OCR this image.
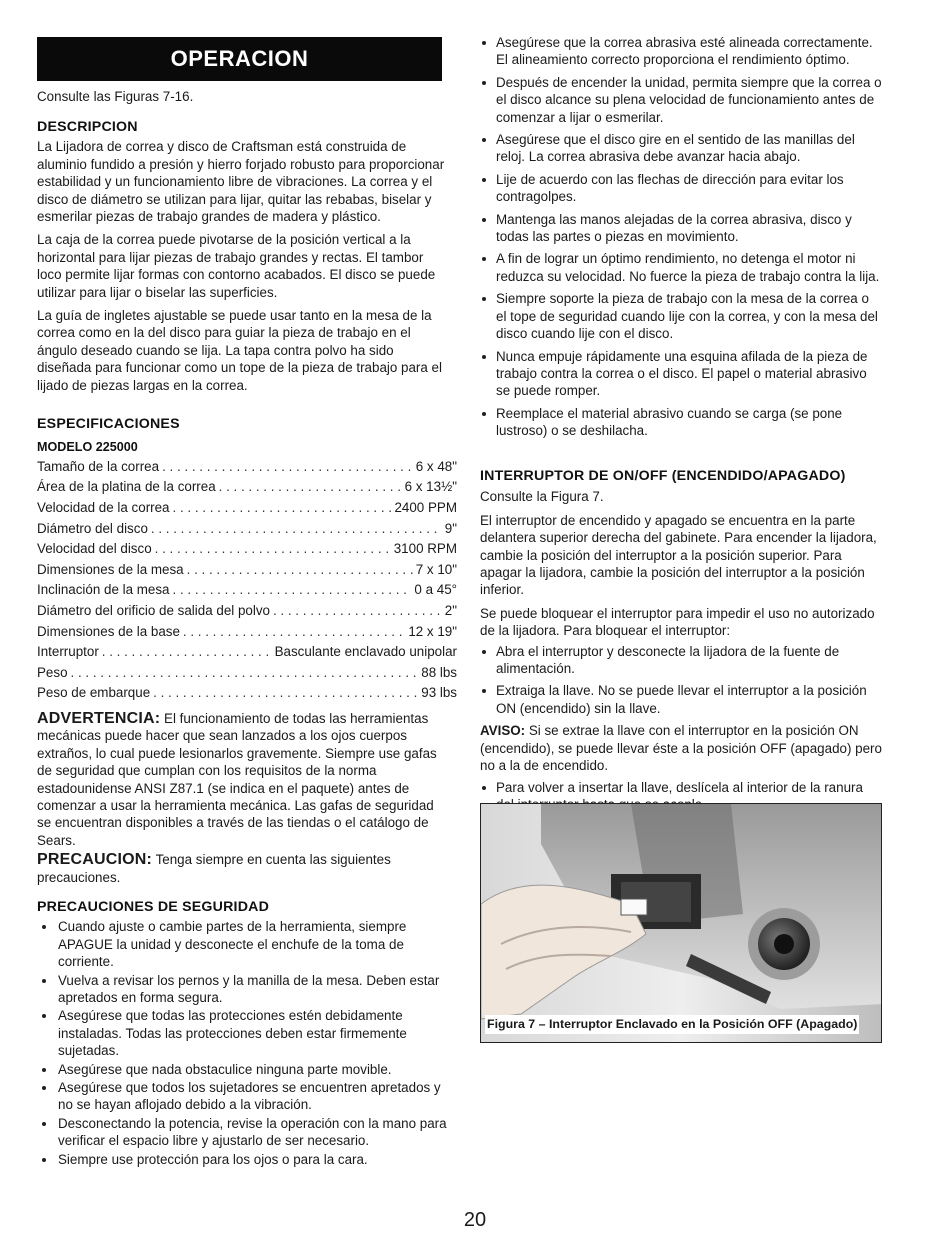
OPERACION

Consulte las Figuras 7-16.

DESCRIPCION

La Lijadora de correa y disco de Craftsman está construida de aluminio fundido a presión y hierro forjado robusto para proporcionar estabilidad y un funcionamiento libre de vibraciones. La correa y el disco de diámetro se utilizan para lijar, quitar las rebabas, biselar y esmerilar piezas de trabajo grandes de madera y plástico.

La caja de la correa puede pivotarse de la posición vertical a la horizontal para lijar piezas de trabajo grandes y rectas. El tambor loco permite lijar formas con contorno acabados. El disco se puede utilizar para lijar o biselar las superficies.

La guía de ingletes ajustable se puede usar tanto en la mesa de la correa como en la del disco para guiar la pieza de trabajo en el ángulo deseado cuando se lija. La tapa contra polvo ha sido diseñada para funcionar como un tope de la pieza de trabajo para el lijado de piezas largas en la correa.

ESPECIFICACIONES
MODELO 225000
Tamaño de la correa . . .	6 x 48"
Área de la platina de la correa . . .	6 x 13½"
Velocidad de la correa . . .	2400 PPM
Diámetro del disco . . .	9"
Velocidad del disco . . .	3100 RPM
Dimensiones de la mesa . . .	7 x 10"
Inclinación de la mesa . . .	0 a 45°
Diámetro del orificio de salida del polvo . . .	2"
Dimensiones de la base . . .	12 x 19"
Interruptor . . .	Basculante enclavado unipolar
Peso . . .	88 lbs
Peso de embarque . . .	93 lbs

ADVERTENCIA: El funcionamiento de todas las herramientas mecánicas puede hacer que sean lanzados a los ojos cuerpos extraños, lo cual puede lesionarlos gravemente. Siempre use gafas de seguridad que cumplan con los requisitos de la norma estadounidense ANSI Z87.1 (se indica en el paquete) antes de comenzar a usar la herramienta mecánica. Las gafas de seguridad se encuentran disponibles a través de las tiendas o el catálogo de Sears.

PRECAUCION: Tenga siempre en cuenta las siguientes precauciones.

PRECAUCIONES DE SEGURIDAD
Cuando ajuste o cambie partes de la herramienta, siempre APAGUE la unidad y desconecte el enchufe de la toma de corriente.
Vuelva a revisar los pernos y la manilla de la mesa. Deben estar apretados en forma segura.
Asegúrese que todas las protecciones estén debidamente instaladas. Todas las protecciones deben estar firmemente sujetadas.
Asegúrese que nada obstaculice ninguna parte movible.
Asegúrese que todos los sujetadores se encuentren apretados y no se hayan aflojado debido a la vibración.
Desconectando la potencia, revise la operación con la mano para verificar el espacio libre y ajustarlo de ser necesario.
Siempre use protección para los ojos o para la cara.
Asegúrese que la correa abrasiva esté alineada correctamente. El alineamiento correcto proporciona el rendimiento óptimo.
Después de encender la unidad, permita siempre que la correa o el disco alcance su plena velocidad de funcionamiento antes de comenzar a lijar o esmerilar.
Asegúrese que el disco gire en el sentido de las manillas del reloj. La correa abrasiva debe avanzar hacia abajo.
Lije de acuerdo con las flechas de dirección para evitar los contragolpes.
Mantenga las manos alejadas de la correa abrasiva, disco y todas las partes o piezas en movimiento.
A fin de lograr un óptimo rendimiento, no detenga el motor ni reduzca su velocidad. No fuerce la pieza de trabajo contra la lija.
Siempre soporte la pieza de trabajo con la mesa de la correa o el tope de seguridad cuando lije con la correa, y con la mesa del disco cuando lije con el disco.
Nunca empuje rápidamente una esquina afilada de la pieza de trabajo contra la correa o el disco. El papel o material abrasivo se puede romper.
Reemplace el material abrasivo cuando se carga (se pone lustroso) o se deshilacha.
INTERRUPTOR DE ON/OFF (ENCENDIDO/APAGADO)

Consulte la Figura 7.

El interruptor de encendido y apagado se encuentra en la parte delantera superior derecha del gabinete. Para encender la lijadora, cambie la posición del interruptor a la posición superior. Para apagar la lijadora, cambie la posición del interruptor a la posición inferior.

Se puede bloquear el interruptor para impedir el uso no autorizado de la lijadora. Para bloquear el interruptor:

Abra el interruptor y desconecte la lijadora de la fuente de alimentación.
Extraiga la llave. No se puede llevar el interruptor a la posición ON (encendido) sin la llave.

AVISO: Si se extrae la llave con el interruptor en la posición ON (encendido), se puede llevar éste a la posición OFF (apagado) pero no a la de encendido.

Para volver a insertar la llave, deslícela al interior de la ranura
Figura 7 – Interruptor Enclavado en la Posición OFF (Apagado)
20
